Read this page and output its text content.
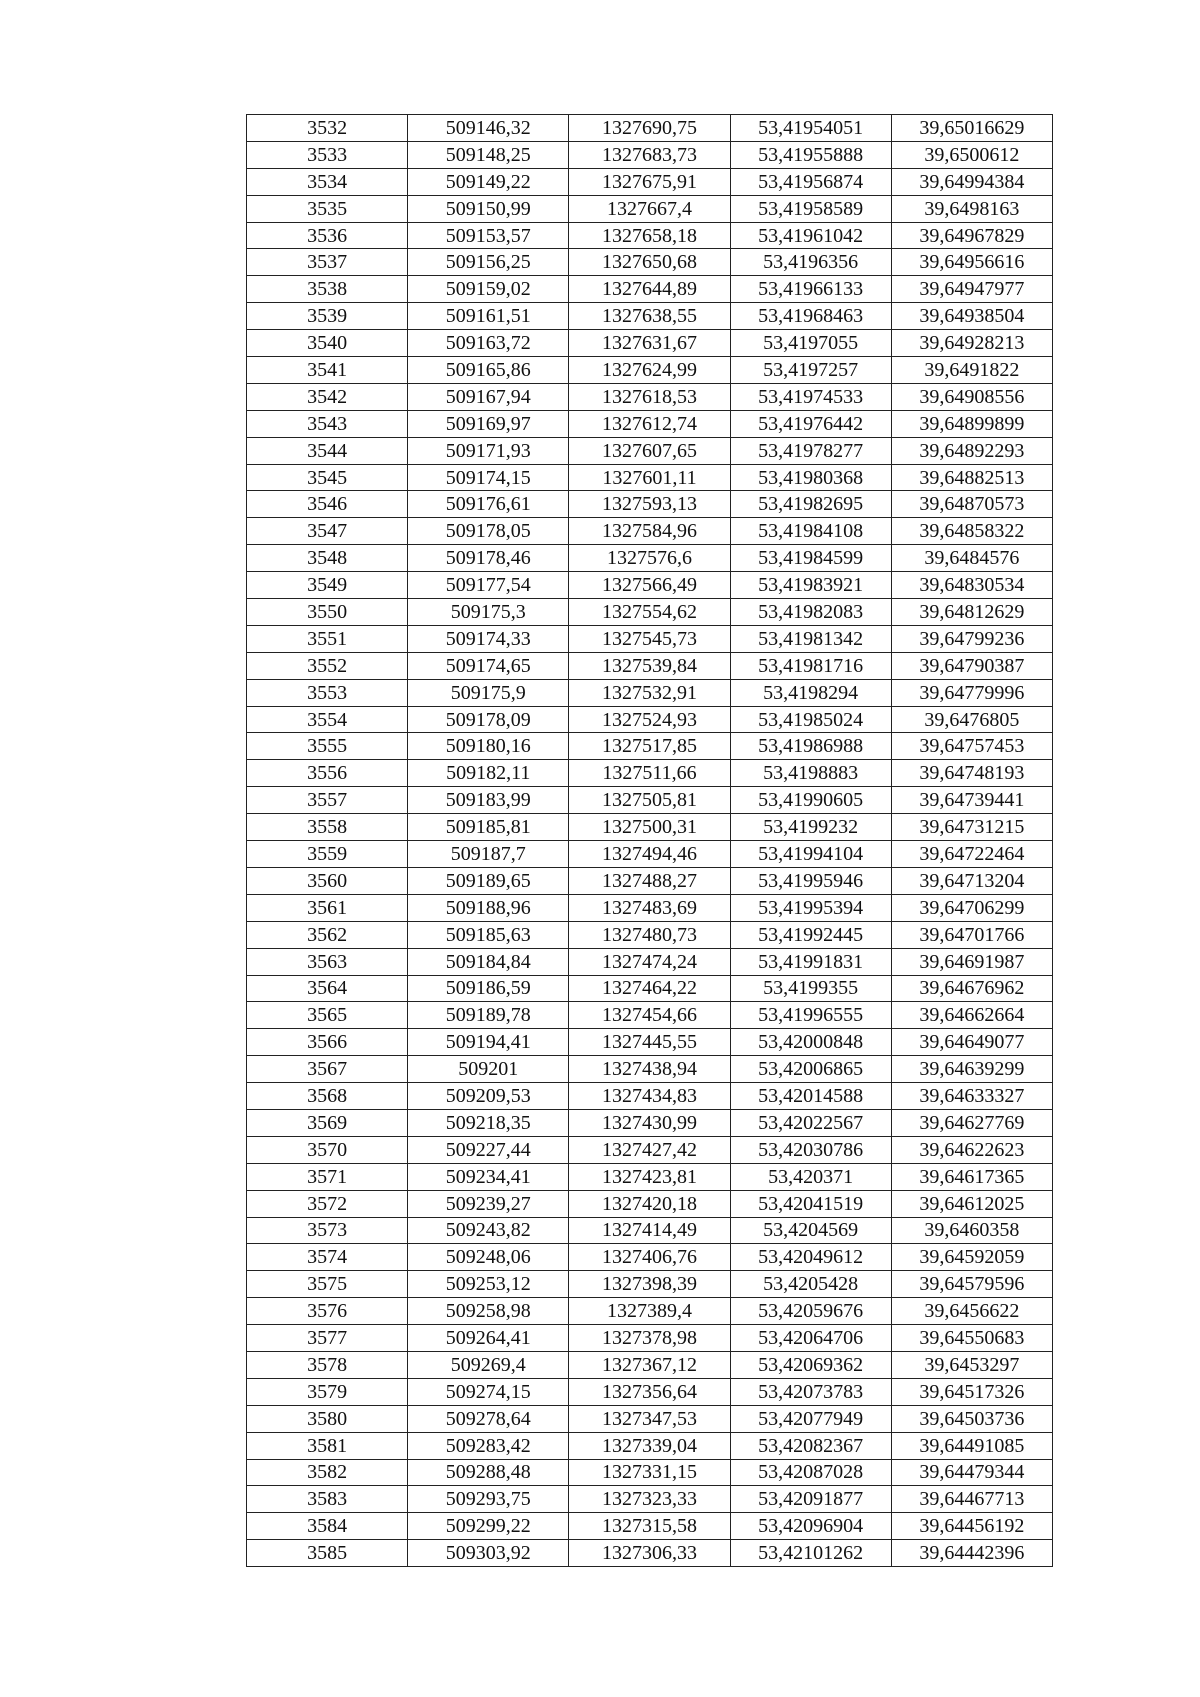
3532	509146,32	1327690,75	53,41954051	39,65016629
3533	509148,25	1327683,73	53,41955888	39,6500612
3534	509149,22	1327675,91	53,41956874	39,64994384
3535	509150,99	1327667,4	53,41958589	39,6498163
3536	509153,57	1327658,18	53,41961042	39,64967829
3537	509156,25	1327650,68	53,4196356	39,64956616
3538	509159,02	1327644,89	53,41966133	39,64947977
3539	509161,51	1327638,55	53,41968463	39,64938504
3540	509163,72	1327631,67	53,4197055	39,64928213
3541	509165,86	1327624,99	53,4197257	39,6491822
3542	509167,94	1327618,53	53,41974533	39,64908556
3543	509169,97	1327612,74	53,41976442	39,64899899
3544	509171,93	1327607,65	53,41978277	39,64892293
3545	509174,15	1327601,11	53,41980368	39,64882513
3546	509176,61	1327593,13	53,41982695	39,64870573
3547	509178,05	1327584,96	53,41984108	39,64858322
3548	509178,46	1327576,6	53,41984599	39,6484576
3549	509177,54	1327566,49	53,41983921	39,64830534
3550	509175,3	1327554,62	53,41982083	39,64812629
3551	509174,33	1327545,73	53,41981342	39,64799236
3552	509174,65	1327539,84	53,41981716	39,64790387
3553	509175,9	1327532,91	53,4198294	39,64779996
3554	509178,09	1327524,93	53,41985024	39,6476805
3555	509180,16	1327517,85	53,41986988	39,64757453
3556	509182,11	1327511,66	53,4198883	39,64748193
3557	509183,99	1327505,81	53,41990605	39,64739441
3558	509185,81	1327500,31	53,4199232	39,64731215
3559	509187,7	1327494,46	53,41994104	39,64722464
3560	509189,65	1327488,27	53,41995946	39,64713204
3561	509188,96	1327483,69	53,41995394	39,64706299
3562	509185,63	1327480,73	53,41992445	39,64701766
3563	509184,84	1327474,24	53,41991831	39,64691987
3564	509186,59	1327464,22	53,4199355	39,64676962
3565	509189,78	1327454,66	53,41996555	39,64662664
3566	509194,41	1327445,55	53,42000848	39,64649077
3567	509201	1327438,94	53,42006865	39,64639299
3568	509209,53	1327434,83	53,42014588	39,64633327
3569	509218,35	1327430,99	53,42022567	39,64627769
3570	509227,44	1327427,42	53,42030786	39,64622623
3571	509234,41	1327423,81	53,420371	39,64617365
3572	509239,27	1327420,18	53,42041519	39,64612025
3573	509243,82	1327414,49	53,4204569	39,6460358
3574	509248,06	1327406,76	53,42049612	39,64592059
3575	509253,12	1327398,39	53,4205428	39,64579596
3576	509258,98	1327389,4	53,42059676	39,6456622
3577	509264,41	1327378,98	53,42064706	39,64550683
3578	509269,4	1327367,12	53,42069362	39,6453297
3579	509274,15	1327356,64	53,42073783	39,64517326
3580	509278,64	1327347,53	53,42077949	39,64503736
3581	509283,42	1327339,04	53,42082367	39,64491085
3582	509288,48	1327331,15	53,42087028	39,64479344
3583	509293,75	1327323,33	53,42091877	39,64467713
3584	509299,22	1327315,58	53,42096904	39,64456192
3585	509303,92	1327306,33	53,42101262	39,64442396
